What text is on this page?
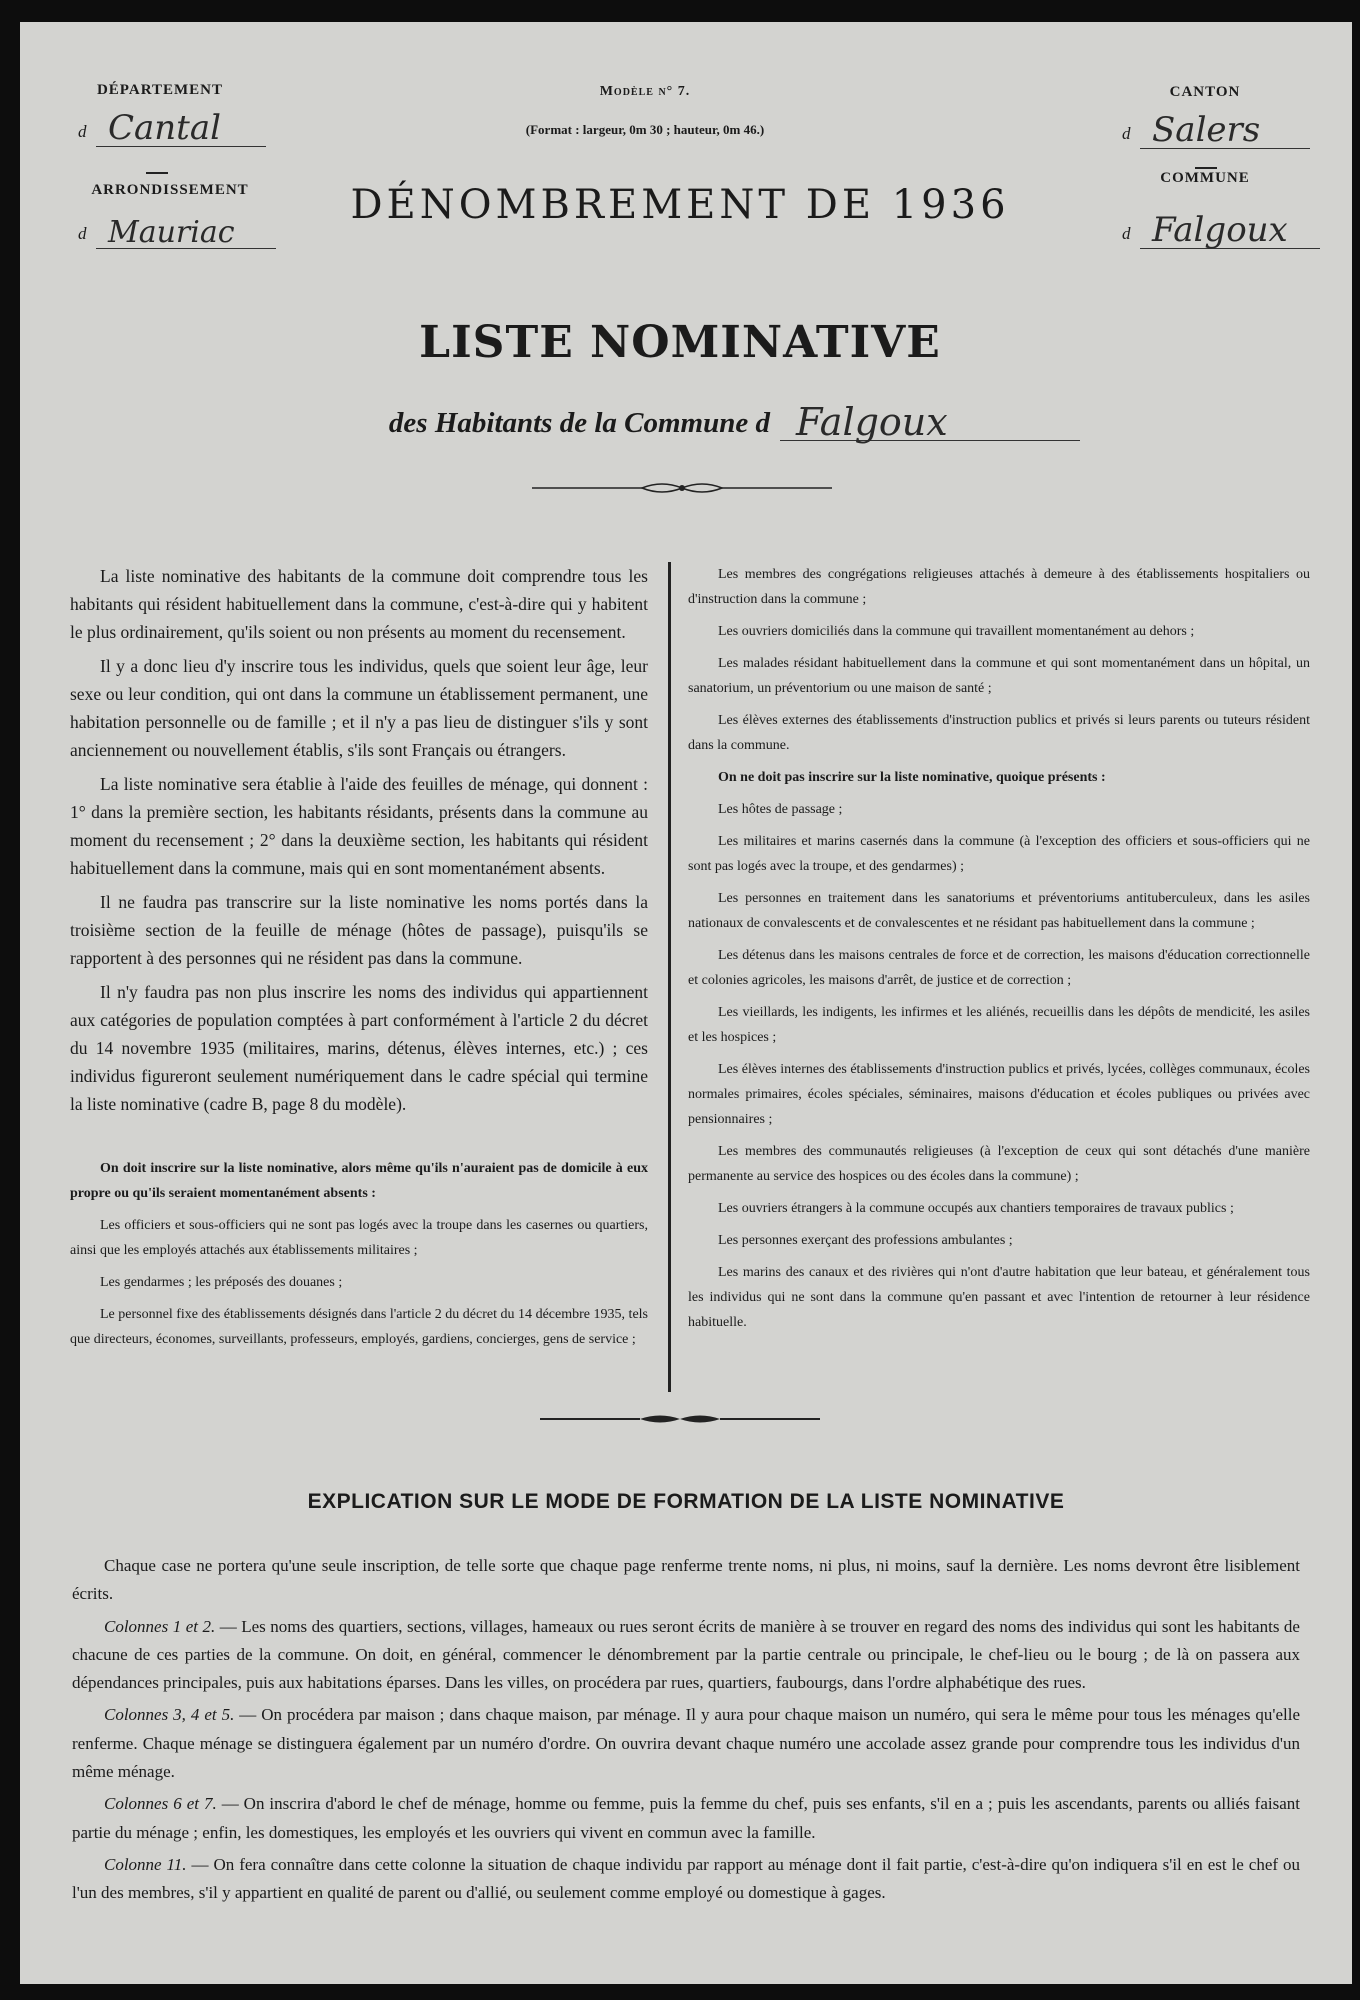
DÉPARTEMENT
d Cantal
ARRONDISSEMENT
d Mauriac
Modèle n° 7.
(Format : largeur, 0m 30 ; hauteur, 0m 46.)
DÉNOMBREMENT DE 1936
CANTON
d Salers
COMMUNE
d Falgoux
LISTE NOMINATIVE
des Habitants de la Commune d Falgoux

La liste nominative des habitants de la commune doit comprendre tous les habitants qui résident habituellement dans la commune, c'est-à-dire qui y habitent le plus ordinairement, qu'ils soient ou non présents au moment du recensement.

Il y a donc lieu d'y inscrire tous les individus, quels que soient leur âge, leur sexe ou leur condition, qui ont dans la commune un établissement permanent, une habitation personnelle ou de famille ; et il n'y a pas lieu de distinguer s'ils y sont anciennement ou nouvellement établis, s'ils sont Français ou étrangers.

La liste nominative sera établie à l'aide des feuilles de ménage, qui donnent : 1° dans la première section, les habitants résidants, présents dans la commune au moment du recensement ; 2° dans la deuxième section, les habitants qui résident habituellement dans la commune, mais qui en sont momentanément absents.

Il ne faudra pas transcrire sur la liste nominative les noms portés dans la troisième section de la feuille de ménage (hôtes de passage), puisqu'ils se rapportent à des personnes qui ne résident pas dans la commune.

Il n'y faudra pas non plus inscrire les noms des individus qui appartiennent aux catégories de population comptées à part conformément à l'article 2 du décret du 14 novembre 1935 (militaires, marins, détenus, élèves internes, etc.) ; ces individus figureront seulement numériquement dans le cadre spécial qui termine la liste nominative (cadre B, page 8 du modèle).

On doit inscrire sur la liste nominative, alors même qu'ils n'auraient pas de domicile à eux propre ou qu'ils seraient momentanément absents :

Les officiers et sous-officiers qui ne sont pas logés avec la troupe dans les casernes ou quartiers, ainsi que les employés attachés aux établissements militaires ;

Les gendarmes ; les préposés des douanes ;

Le personnel fixe des établissements désignés dans l'article 2 du décret du 14 décembre 1935, tels que directeurs, économes, surveillants, professeurs, employés, gardiens, concierges, gens de service ;

Les membres des congrégations religieuses attachés à demeure à des établissements hospitaliers ou d'instruction dans la commune ;

Les ouvriers domiciliés dans la commune qui travaillent momentanément au dehors ;

Les malades résidant habituellement dans la commune et qui sont momentanément dans un hôpital, un sanatorium, un préventorium ou une maison de santé ;

Les élèves externes des établissements d'instruction publics et privés si leurs parents ou tuteurs résident dans la commune.

On ne doit pas inscrire sur la liste nominative, quoique présents :

Les hôtes de passage ;

Les militaires et marins casernés dans la commune (à l'exception des officiers et sous-officiers qui ne sont pas logés avec la troupe, et des gendarmes) ;

Les personnes en traitement dans les sanatoriums et préventoriums antituberculeux, dans les asiles nationaux de convalescents et de convalescentes et ne résidant pas habituellement dans la commune ;

Les détenus dans les maisons centrales de force et de correction, les maisons d'éducation correctionnelle et colonies agricoles, les maisons d'arrêt, de justice et de correction ;

Les vieillards, les indigents, les infirmes et les aliénés, recueillis dans les dépôts de mendicité, les asiles et les hospices ;

Les élèves internes des établissements d'instruction publics et privés, lycées, collèges communaux, écoles normales primaires, écoles spéciales, séminaires, maisons d'éducation et écoles publiques ou privées avec pensionnaires ;

Les membres des communautés religieuses (à l'exception de ceux qui sont détachés d'une manière permanente au service des hospices ou des écoles dans la commune) ;

Les ouvriers étrangers à la commune occupés aux chantiers temporaires de travaux publics ;

Les personnes exerçant des professions ambulantes ;

Les marins des canaux et des rivières qui n'ont d'autre habitation que leur bateau, et généralement tous les individus qui ne sont dans la commune qu'en passant et avec l'intention de retourner à leur résidence habituelle.

EXPLICATION SUR LE MODE DE FORMATION DE LA LISTE NOMINATIVE

Chaque case ne portera qu'une seule inscription, de telle sorte que chaque page renferme trente noms, ni plus, ni moins, sauf la dernière. Les noms devront être lisiblement écrits.

Colonnes 1 et 2. — Les noms des quartiers, sections, villages, hameaux ou rues seront écrits de manière à se trouver en regard des noms des individus qui sont les habitants de chacune de ces parties de la commune. On doit, en général, commencer le dénombrement par la partie centrale ou principale, le chef-lieu ou le bourg ; de là on passera aux dépendances principales, puis aux habitations éparses. Dans les villes, on procédera par rues, quartiers, faubourgs, dans l'ordre alphabétique des rues.

Colonnes 3, 4 et 5. — On procédera par maison ; dans chaque maison, par ménage. Il y aura pour chaque maison un numéro, qui sera le même pour tous les ménages qu'elle renferme. Chaque ménage se distinguera également par un numéro d'ordre. On ouvrira devant chaque numéro une accolade assez grande pour comprendre tous les individus d'un même ménage.

Colonnes 6 et 7. — On inscrira d'abord le chef de ménage, homme ou femme, puis la femme du chef, puis ses enfants, s'il en a ; puis les ascendants, parents ou alliés faisant partie du ménage ; enfin, les domestiques, les employés et les ouvriers qui vivent en commun avec la famille.

Colonne 11. — On fera connaître dans cette colonne la situation de chaque individu par rapport au ménage dont il fait partie, c'est-à-dire qu'on indiquera s'il en est le chef ou l'un des membres, s'il y appartient en qualité de parent ou d'allié, ou seulement comme employé ou domestique à gages.
